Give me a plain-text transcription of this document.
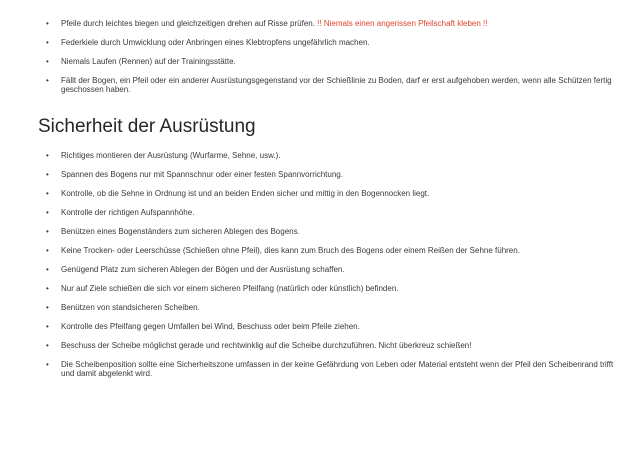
• Pfeile durch leichtes biegen und gleichzeitigen drehen auf Risse prüfen. !! Niemals einen angerissen Pfeilschaft kleben !!
• Federkiele durch Umwicklung oder Anbringen eines Klebtropfens ungefährlich machen.
• Niemals Laufen (Rennen) auf der Trainingsstätte.
• Fällt der Bogen, ein Pfeil oder ein anderer Ausrüstungsgegenstand vor der Schießlinie zu Boden, darf er erst aufgehoben werden, wenn alle Schützen fertig geschossen haben.
Sicherheit der Ausrüstung
• Richtiges montieren der Ausrüstung (Wurfarme, Sehne, usw.).
• Spannen des Bogens nur mit Spannschnur oder einer festen Spannvorrichtung.
• Kontrolle, ob die Sehne in Ordnung ist und an beiden Enden sicher und mittig in den Bogennocken liegt.
• Kontrolle der richtigen Aufspannhöhe.
• Benützen eines Bogenständers zum sicheren Ablegen des Bogens.
• Keine Trocken- oder Leerschüsse (Schießen ohne Pfeil), dies kann zum Bruch des Bogens oder einem Reißen der Sehne führen.
• Genügend Platz zum sicheren Ablegen der Bögen und der Ausrüstung schaffen.
• Nur auf Ziele schießen die sich vor einem sicheren Pfeilfang (natürlich oder künstlich) befinden.
• Benützen von standsicheren Scheiben.
• Kontrolle des Pfeilfang gegen Umfallen bei Wind, Beschuss oder beim Pfeile ziehen.
• Beschuss der Scheibe möglichst gerade und rechtwinklig auf die Scheibe durchzuführen. Nicht überkreuz schießen!
• Die Scheibenposition sollte eine Sicherheitszone umfassen in der keine Gefährdung von Leben oder Material entsteht wenn der Pfeil den Scheibenrand trifft und damit abgelenkt wird.
